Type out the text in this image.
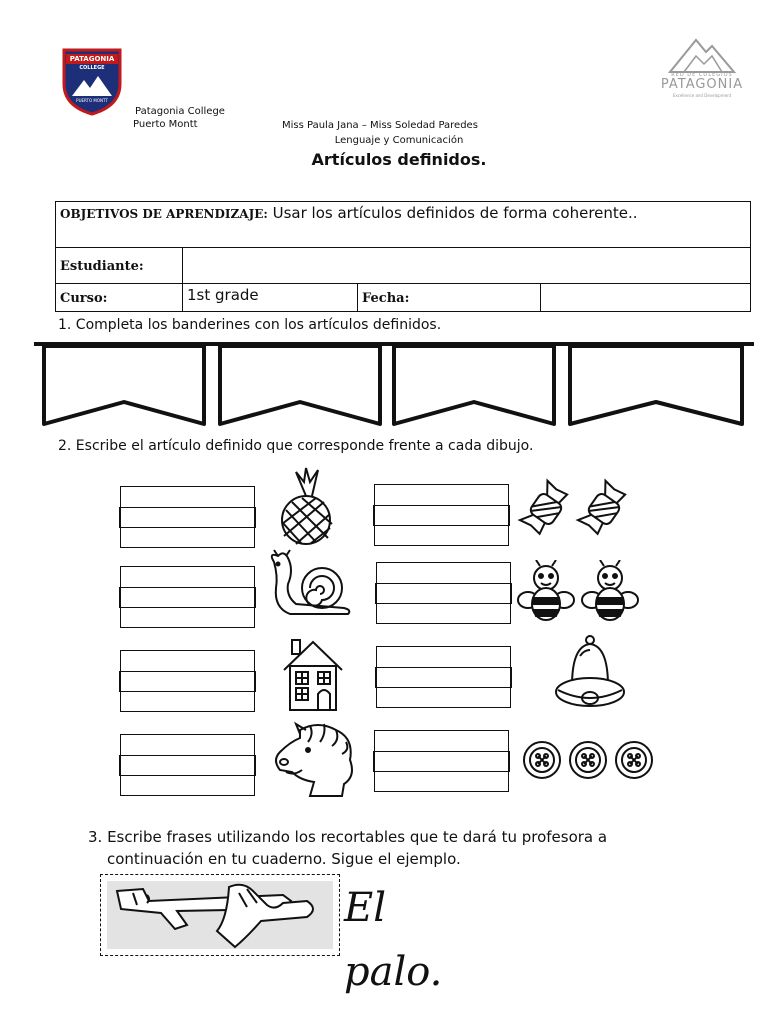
PATAGONIA
COLLEGE
PUERTO MONTT
RED DE COLEGIOS
PATAGONIA
Excellence and Development
Patagonia College
Puerto Montt	Miss Paula Jana – Miss Soledad Paredes
Lenguaje y Comunicación
Artículos definidos.
OBJETIVOS DE APRENDIZAJE: Usar los artículos definidos de forma coherente..			
Estudiante:			
Curso:	1st grade	Fecha:	
1. Completa los banderines con los artículos definidos.
2. Escribe el artículo definido que corresponde frente a cada dibujo.
3. Escribe frases utilizando los recortables que te dará tu profesora a
continuación en tu cuaderno. Sigue el ejemplo.
El palo.
